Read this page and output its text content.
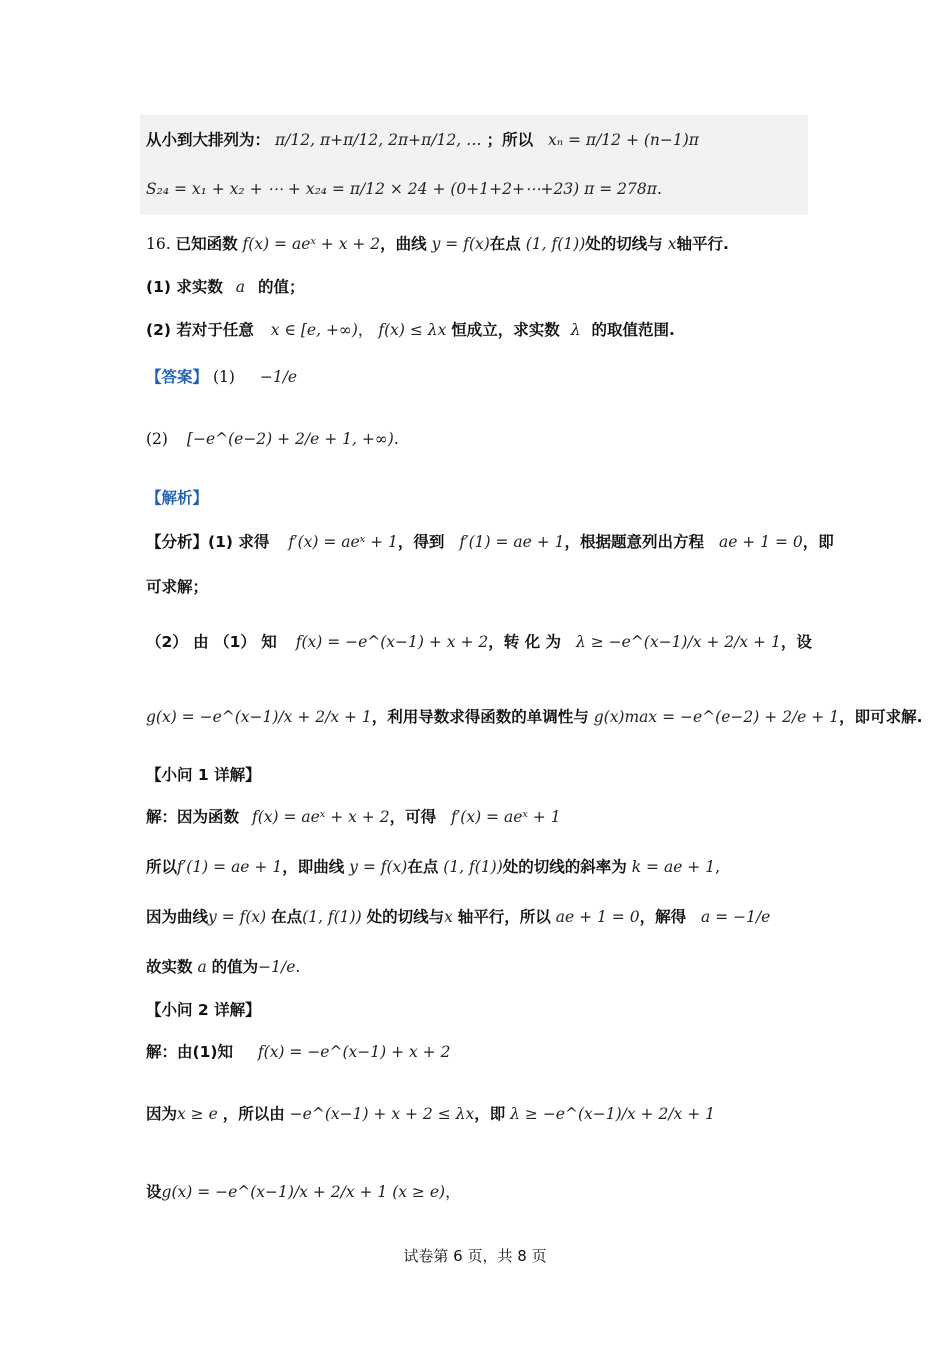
从小到大排列为： π/12, π+π/12, 2π+π/12, … ；所以 xₙ = π/12 + (n−1)π
S₂₄ = x₁ + x₂ + ⋯ + x₂₄ = π/12 × 24 + (0+1+2+⋯+23) π = 278π.
16. 已知函数 f(x) = aeˣ + x + 2，曲线 y = f(x)在点 (1, f(1))处的切线与 x轴平行.
(1) 求实数 a 的值；
(2) 若对于任意 x ∈ [e, +∞)， f(x) ≤ λx 恒成立，求实数 λ 的取值范围.
【答案】 (1) −1/e
(2) [−e^(e−2) + 2/e + 1, +∞).
【解析】
【分析】(1) 求得 f′(x) = aeˣ + 1，得到 f′(1) = ae + 1，根据题意列出方程 ae + 1 = 0，即
可求解；
（2） 由 （1） 知 f(x) = −e^(x−1) + x + 2，转 化 为 λ ≥ −e^(x−1)/x + 2/x + 1，设
g(x) = −e^(x−1)/x + 2/x + 1，利用导数求得函数的单调性与 g(x)max = −e^(e−2) + 2/e + 1，即可求解.
【小问 1 详解】
解：因为函数 f(x) = aeˣ + x + 2，可得 f′(x) = aeˣ + 1
所以f′(1) = ae + 1，即曲线 y = f(x)在点 (1, f(1))处的切线的斜率为 k = ae + 1,
因为曲线y = f(x) 在点(1, f(1)) 处的切线与x 轴平行，所以 ae + 1 = 0，解得 a = −1/e
故实数 a 的值为−1/e.
【小问 2 详解】
解：由(1)知 f(x) = −e^(x−1) + x + 2
因为x ≥ e ，所以由 −e^(x−1) + x + 2 ≤ λx，即 λ ≥ −e^(x−1)/x + 2/x + 1
设g(x) = −e^(x−1)/x + 2/x + 1 (x ≥ e)，
试卷第 6 页，共 8 页
